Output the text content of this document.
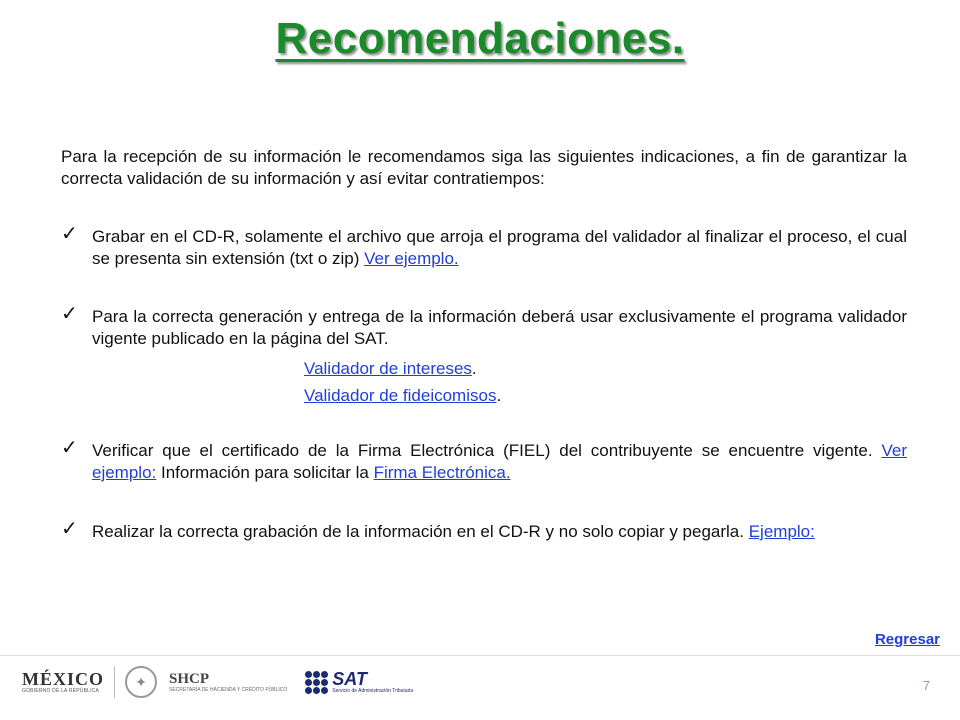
Recomendaciones.
Para la recepción de su información le recomendamos siga las siguientes indicaciones, a fin de garantizar la correcta validación de su información y así evitar contratiempos:
✓ Grabar en el CD-R, solamente el archivo que arroja el programa del validador al finalizar el proceso, el cual se presenta sin extensión (txt o zip) Ver ejemplo.
✓ Para la correcta generación y entrega de la información deberá usar exclusivamente el programa validador vigente publicado en la página del SAT.
Validador de intereses.
Validador de fideicomisos.
✓ Verificar que el certificado de la Firma Electrónica (FIEL) del contribuyente se encuentre vigente. Ver ejemplo: Información para solicitar la Firma Electrónica.
✓ Realizar la correcta grabación de la información en el CD-R y no solo copiar y pegarla. Ejemplo:
Regresar
MÉXICO
GOBIERNO DE LA REPÚBLICA
✦	SHCP
SECRETARÍA DE HACIENDA Y CRÉDITO PÚBLICO
SAT
Servicio de Administración Tributaria	7
